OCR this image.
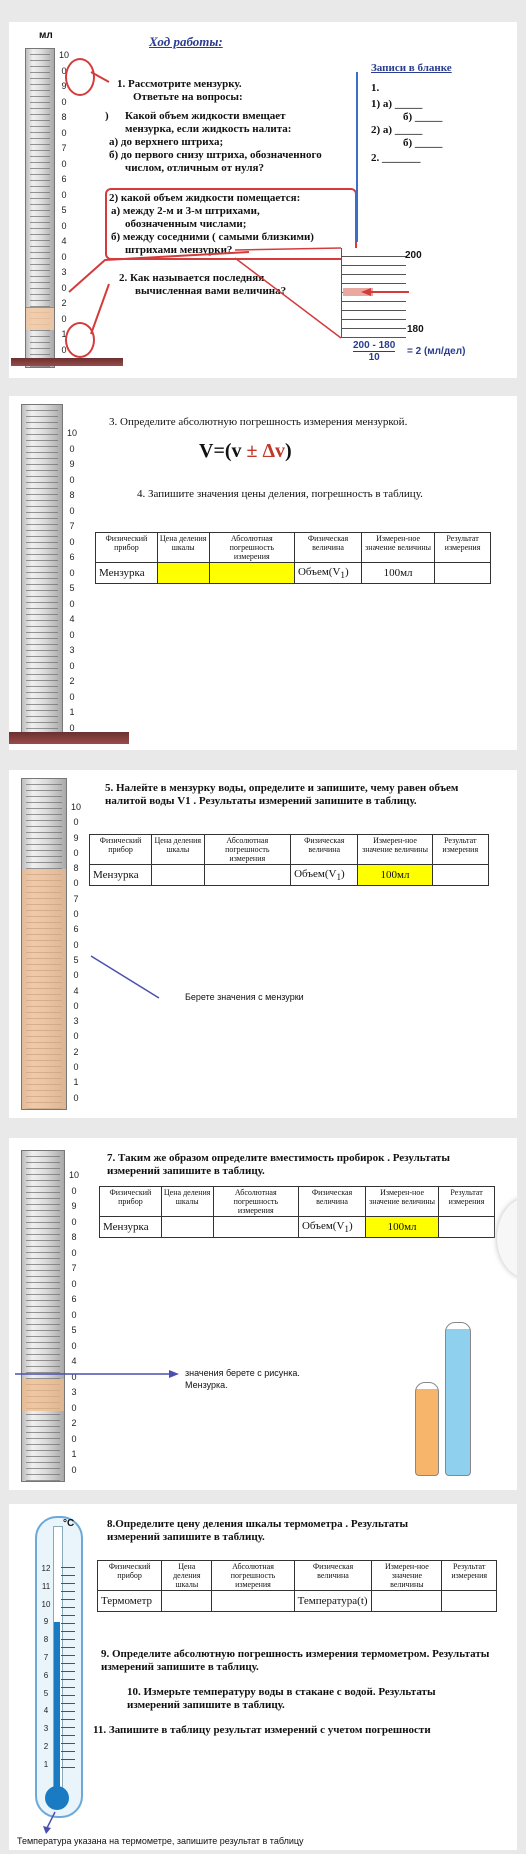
мл
10
0
9
0
8
0
7
0
6
0
5
0
4
0
3
0
2
0
1
0
Ход работы:
1. Рассмотрите мензурку.
Ответьте на вопросы:
) Какой объем жидкости вмещает
мензурка, если жидкость налита:
а) до верхнего штриха;
б) до первого снизу штриха, обозначенного
числом, отличным от нуля?
2) какой объем жидкости помещается:
а) между 2-м и 3-м штрихами,
обозначенным числами;
б) между соседними ( самыми близкими)
штрихами мензурки?
2. Как называется последняя
вычисленная вами величина?
Записи в бланке
1.
1) а) _____
б) _____
2) а) _____
б) _____
2. _______
200
180
$\frac{200 - 180}{10} = 2$ (мл/дел)
10
0
9
0
8
0
7
0
6
0
5
0
4
0
3
0
2
0
1
0
3. Определите абсолютную погрешность измерения мензуркой.
V=(v ± Δv)
4. Запишите значения цены деления, погрешность в таблицу.
Физический прибор	Цена деления шкалы	Абсолютная погрешность измерения	Физическая величина	Измерен-ное значение величины	Результат измерения
Мензурка			$Объем(V_1)$	100мл	
10
0
9
0
8
0
7
0
6
0
5
0
4
0
3
0
2
0
1
0
5. Налейте в мензурку воды, определите и запишите, чему равен объем налитой воды V1 . Результаты измерений запишите в таблицу.
Физический прибор	Цена деления шкалы	Абсолютная погрешность измерения	Физическая величина	Измерен-ное значение величины	Результат измерения
Мензурка			$Объем(V_1)$	100мл	
Берете значения с мензурки
10
0
9
0
8
0
7
0
6
0
5
0
4
0
3
0
2
0
1
0
7. Таким же образом определите вместимость пробирок . Результаты измерений запишите в таблицу.
Физический прибор	Цена деления шкалы	Абсолютная погрешность измерения	Физическая величина	Измерен-ное значение величины	Результат измерения
Мензурка			$Объем(V_1)$	100мл	
значения берете с рисунка.
Мензурка.
°С
12
11
10
9
8
7
6
5
4
3
2
1
8.Определите цену деления шкалы термометра . Результаты измерений запишите в таблицу.
Физический прибор	Цена деления шкалы	Абсолютная погрешность измерения	Физическая величина	Измерен-ное значение величины	Результат измерения
Термометр			Температура(t)		
9. Определите абсолютную погрешность измерения термометром. Результаты измерений запишите в таблицу.
10. Измерьте температуру воды в стакане с водой. Результаты измерений запишите в таблицу.
11. Запишите в таблицу результат измерений с учетом погрешности
Температура указана на термометре, запишите результат в таблицу
